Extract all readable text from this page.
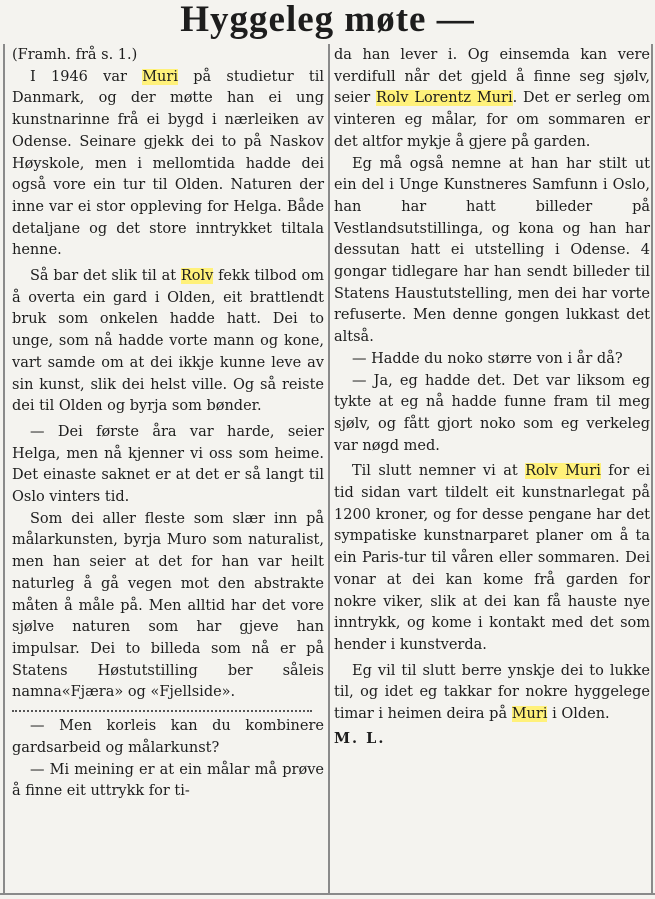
Hyggeleg møte —

(Framh. frå s. 1.)

I 1946 var Muri på studietur til Danmark, og der møtte han ei ung kunstnarinne frå ei bygd i nærleiken av Odense. Seinare gjekk dei to på Naskov Høyskole, men i mellomtida hadde dei også vore ein tur til Olden. Naturen der inne var ei stor oppleving for Helga. Både detaljane og det store inntrykket tiltala henne.

Så bar det slik til at Rolv fekk tilbod om å overta ein gard i Olden, eit brattlendt bruk som onkelen hadde hatt. Dei to unge, som nå hadde vorte mann og kone, vart samde om at dei ikkje kunne leve av sin kunst, slik dei helst ville. Og så reiste dei til Olden og byrja som bønder.

— Dei første åra var harde, seier Helga, men nå kjenner vi oss som heime. Det einaste saknet er at det er så langt til Oslo vinters tid.

Som dei aller fleste som slær inn på målarkunsten, byrja Muro som naturalist, men han seier at det for han var heilt naturleg å gå vegen mot den abstrakte måten å måle på. Men alltid har det vore sjølve naturen som har gjeve han impulsar. Dei to billeda som nå er på Statens Høstutstilling ber såleis namna«Fjæra» og «Fjellside».

— Men korleis kan du kombinere gardsarbeid og målarkunst?

— Mi meining er at ein målar må prøve å finne eit uttrykk for ti-

da han lever i. Og einsemda kan vere verdifull når det gjeld å finne seg sjølv, seier Rolv Lorentz Muri. Det er serleg om vinteren eg målar, for om sommaren er det altfor mykje å gjere på garden.

Eg må også nemne at han har stilt ut ein del i Unge Kunstneres Samfunn i Oslo, han har hatt billeder på Vestlandsutstillinga, og kona og han har dessutan hatt ei utstelling i Odense. 4 gongar tidlegare har han sendt billeder til Statens Haustutstelling, men dei har vorte refuserte. Men denne gongen lukkast det altså.

— Hadde du noko større von i år då?

— Ja, eg hadde det. Det var liksom eg tykte at eg nå hadde funne fram til meg sjølv, og fått gjort noko som eg verkeleg var nøgd med.

Til slutt nemner vi at Rolv Muri for ei tid sidan vart tildelt eit kunstnarlegat på 1200 kroner, og for desse pengane har det sympatiske kunstnarparet planer om å ta ein Paris-tur til våren eller sommaren. Dei vonar at dei kan kome frå garden for nokre viker, slik at dei kan få hauste nye inntrykk, og kome i kontakt med det som hender i kunstverda.

Eg vil til slutt berre ynskje dei to lukke til, og idet eg takkar for nokre hyggelege timar i heimen deira på Muri i Olden.

M. L.
